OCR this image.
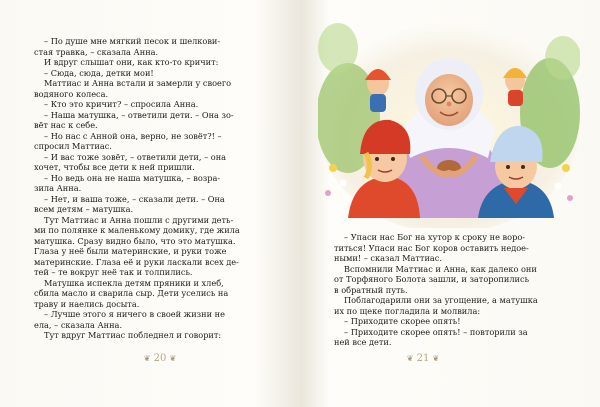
– По душе мне мягкий песок и шелкови-

стая травка, – сказала Анна.

И вдруг слышат они, как кто-то кричит:

– Сюда, сюда, детки мои!

Маттиас и Анна встали и замерли у своего

водяного колеса.

– Кто это кричит? – спросила Анна.

– Наша матушка, – ответили дети. – Она зо-

вёт нас к себе.

– Но нас с Анной она, верно, не зовёт?! –

спросил Маттиас.

– И вас тоже зовёт, – ответили дети, – она

хочет, чтобы все дети к ней пришли.

– Но ведь она не наша матушка, – возра-

зила Анна.

– Нет, и ваша тоже, – сказали дети. – Она

всем детям – матушка.

Тут Маттиас и Анна пошли с другими деть-

ми по полянке к маленькому домику, где жила

матушка. Сразу видно было, что это матушка.

Глаза у неё были материнские, и руки тоже

материнские. Глаза её и руки ласкали всех де-

тей – те вокруг неё так и толпились.

Матушка испекла детям пряники и хлеб,

сбила масло и сварила сыр. Дети уселись на

траву и наелись досыта.

– Лучше этого я ничего в своей жизни не

ела, – сказала Анна.

Тут вдруг Маттиас побледнел и говорит:

❦ 20 ❦

– Упаси нас Бог на хутор к сроку не воро-

титься! Упаси нас Бог коров оставить недое-

ными! – сказал Маттиас.

Вспомнили Маттиас и Анна, как далеко они

от Торфяного Болота зашли, и заторопились

в обратный путь.

Поблагодарили они за угощение, а матушка

их по щеке погладила и молвила:

– Приходите скорее опять!

– Приходите скорее опять! – повторили за

ней все дети.

❦ 21 ❦
